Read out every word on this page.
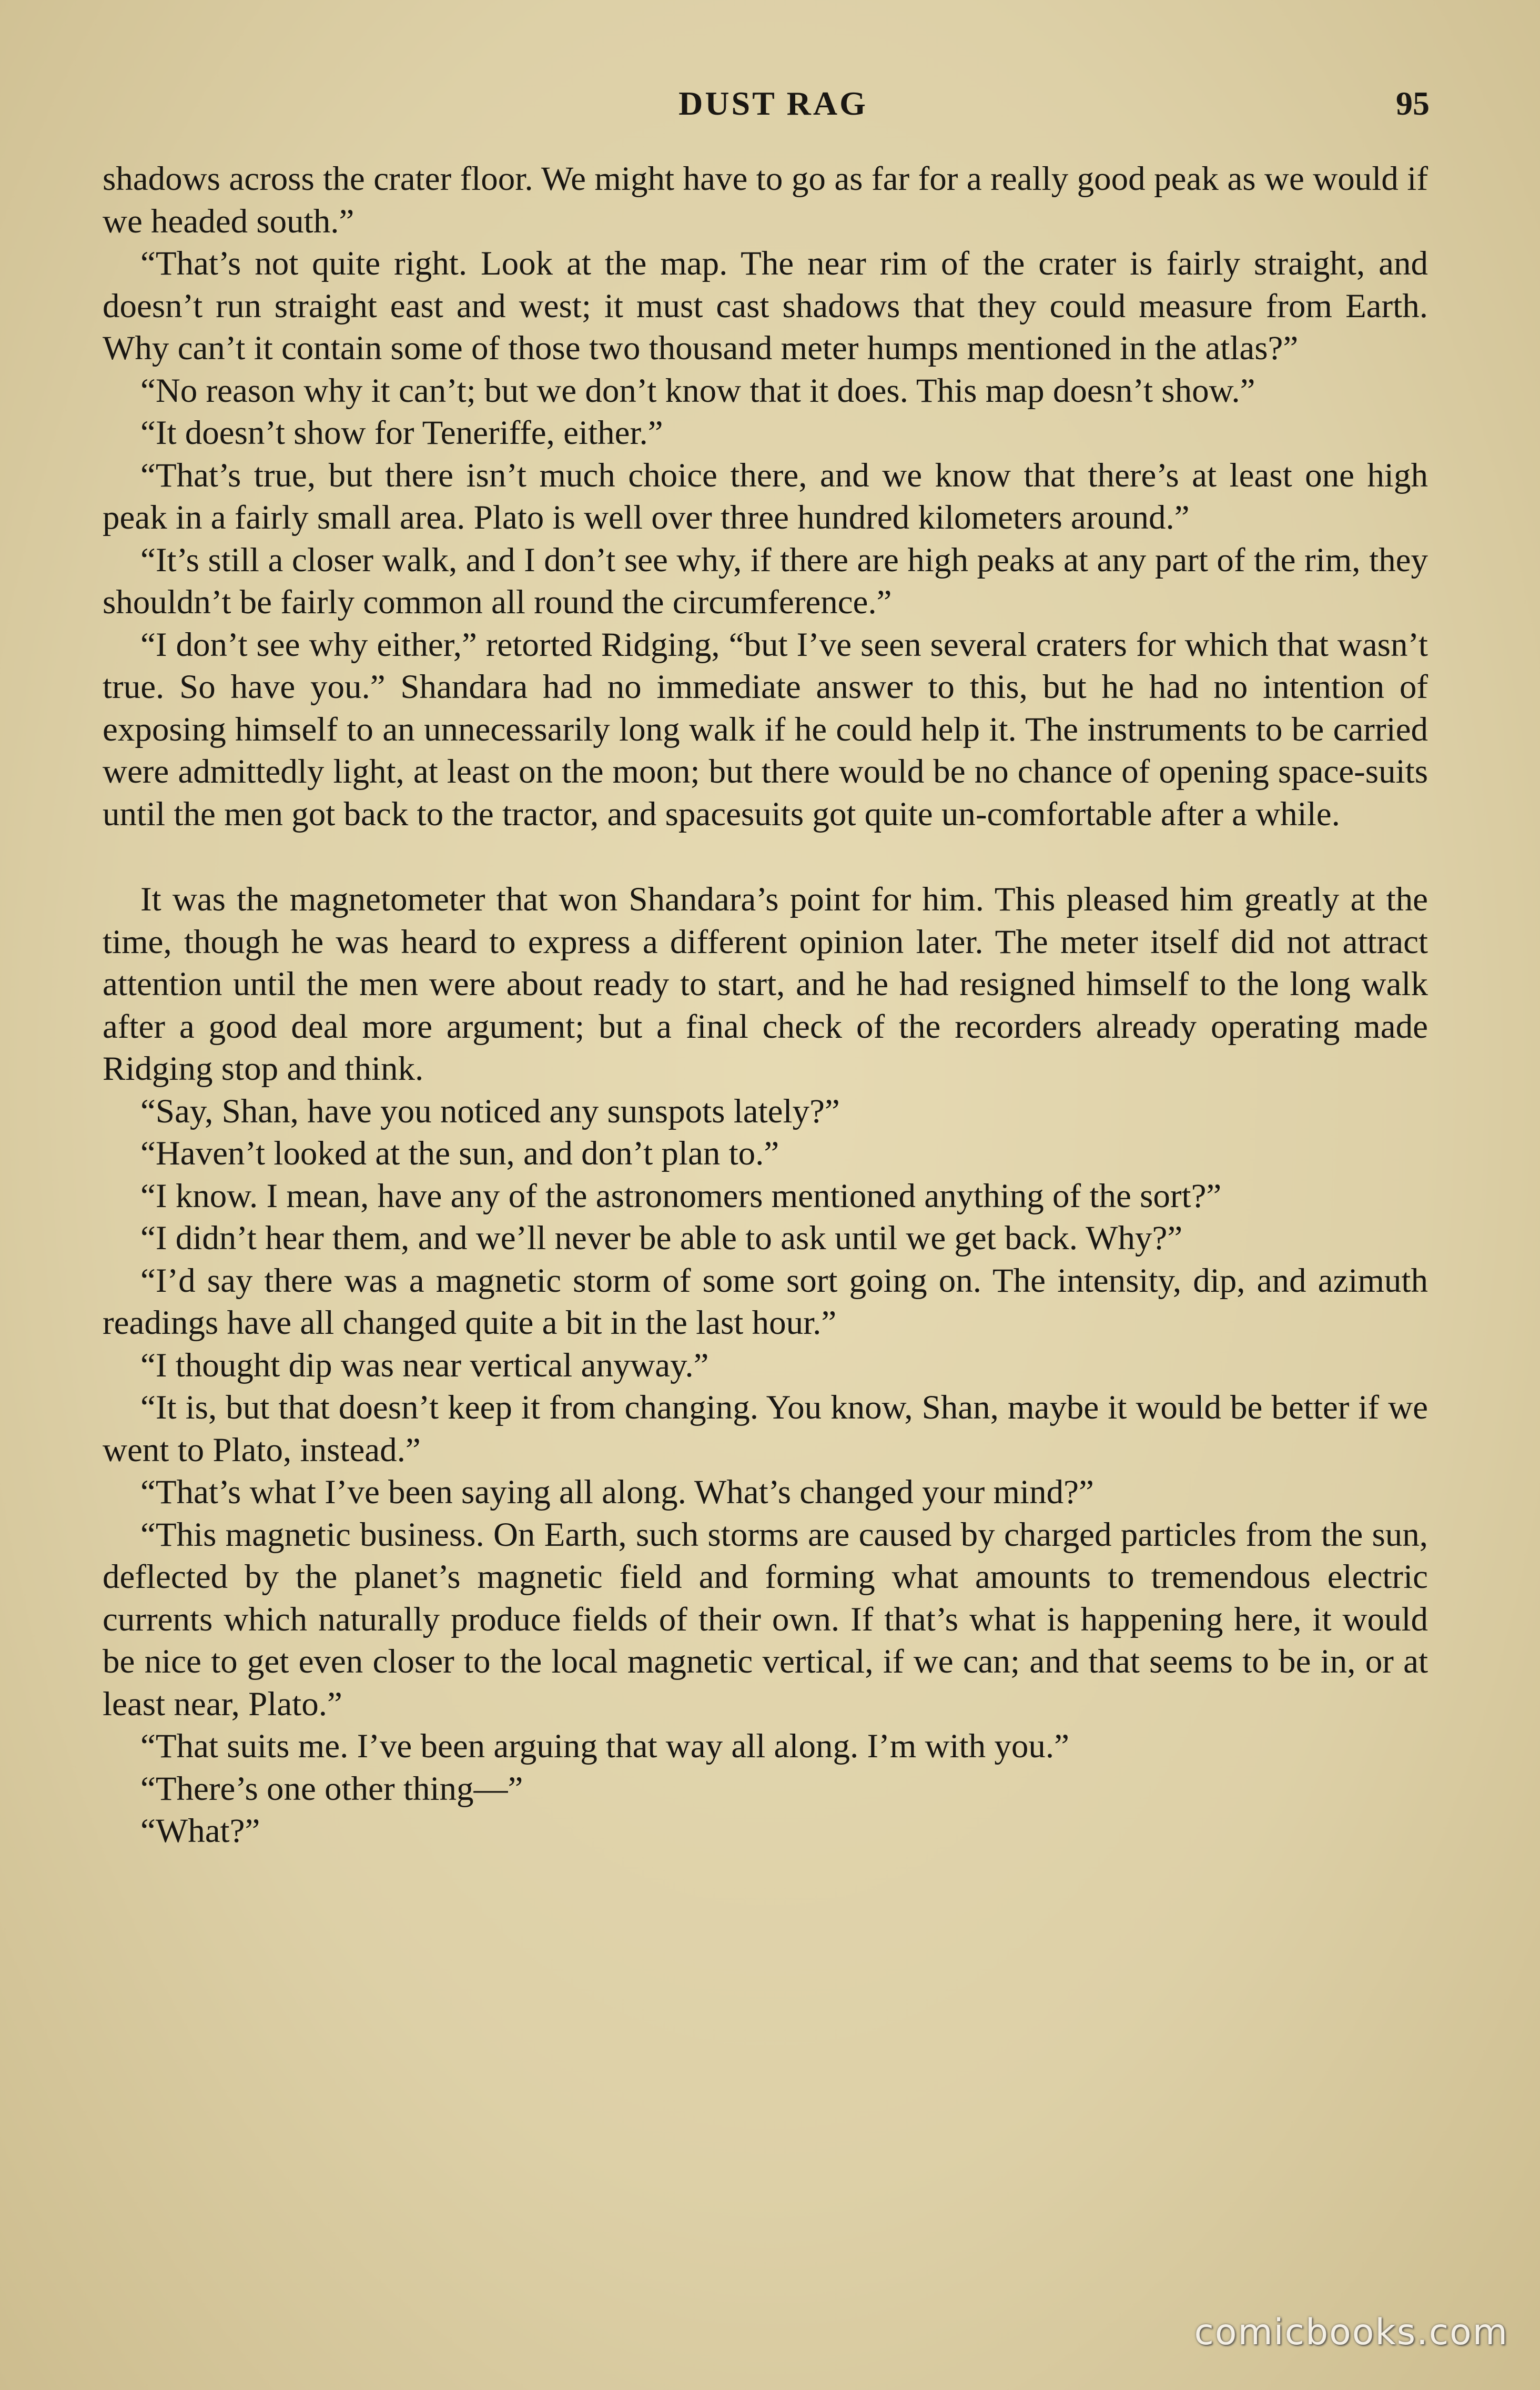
DUST RAG	95

shadows across the crater floor. We might have to go as far for a really good peak as we would if we headed south.”

“That’s not quite right. Look at the map. The near rim of the crater is fairly straight, and doesn’t run straight east and west; it must cast shadows that they could measure from Earth. Why can’t it contain some of those two thousand meter humps mentioned in the atlas?”

“No reason why it can’t; but we don’t know that it does. This map doesn’t show.”

“It doesn’t show for Teneriffe, either.”

“That’s true, but there isn’t much choice there, and we know that there’s at least one high peak in a fairly small area. Plato is well over three hundred kilometers around.”

“It’s still a closer walk, and I don’t see why, if there are high peaks at any part of the rim, they shouldn’t be fairly common all round the circumference.”

“I don’t see why either,” retorted Ridging, “but I’ve seen several craters for which that wasn’t true. So have you.” Shandara had no immediate answer to this, but he had no intention of exposing himself to an unnecessarily long walk if he could help it. The instruments to be carried were admittedly light, at least on the moon; but there would be no chance of opening space-suits until the men got back to the tractor, and spacesuits got quite un-comfortable after a while.

It was the magnetometer that won Shandara’s point for him. This pleased him greatly at the time, though he was heard to express a different opinion later. The meter itself did not attract attention until the men were about ready to start, and he had resigned himself to the long walk after a good deal more argument; but a final check of the recorders already operating made Ridging stop and think.

“Say, Shan, have you noticed any sunspots lately?”

“Haven’t looked at the sun, and don’t plan to.”

“I know. I mean, have any of the astronomers mentioned anything of the sort?”

“I didn’t hear them, and we’ll never be able to ask until we get back. Why?”

“I’d say there was a magnetic storm of some sort going on. The intensity, dip, and azimuth readings have all changed quite a bit in the last hour.”

“I thought dip was near vertical anyway.”

“It is, but that doesn’t keep it from changing. You know, Shan, maybe it would be better if we went to Plato, instead.”

“That’s what I’ve been saying all along. What’s changed your mind?”

“This magnetic business. On Earth, such storms are caused by charged particles from the sun, deflected by the planet’s magnetic field and forming what amounts to tremendous electric currents which naturally produce fields of their own. If that’s what is happening here, it would be nice to get even closer to the local magnetic vertical, if we can; and that seems to be in, or at least near, Plato.”

“That suits me. I’ve been arguing that way all along. I’m with you.”

“There’s one other thing—”

“What?”

comicbooks.com
